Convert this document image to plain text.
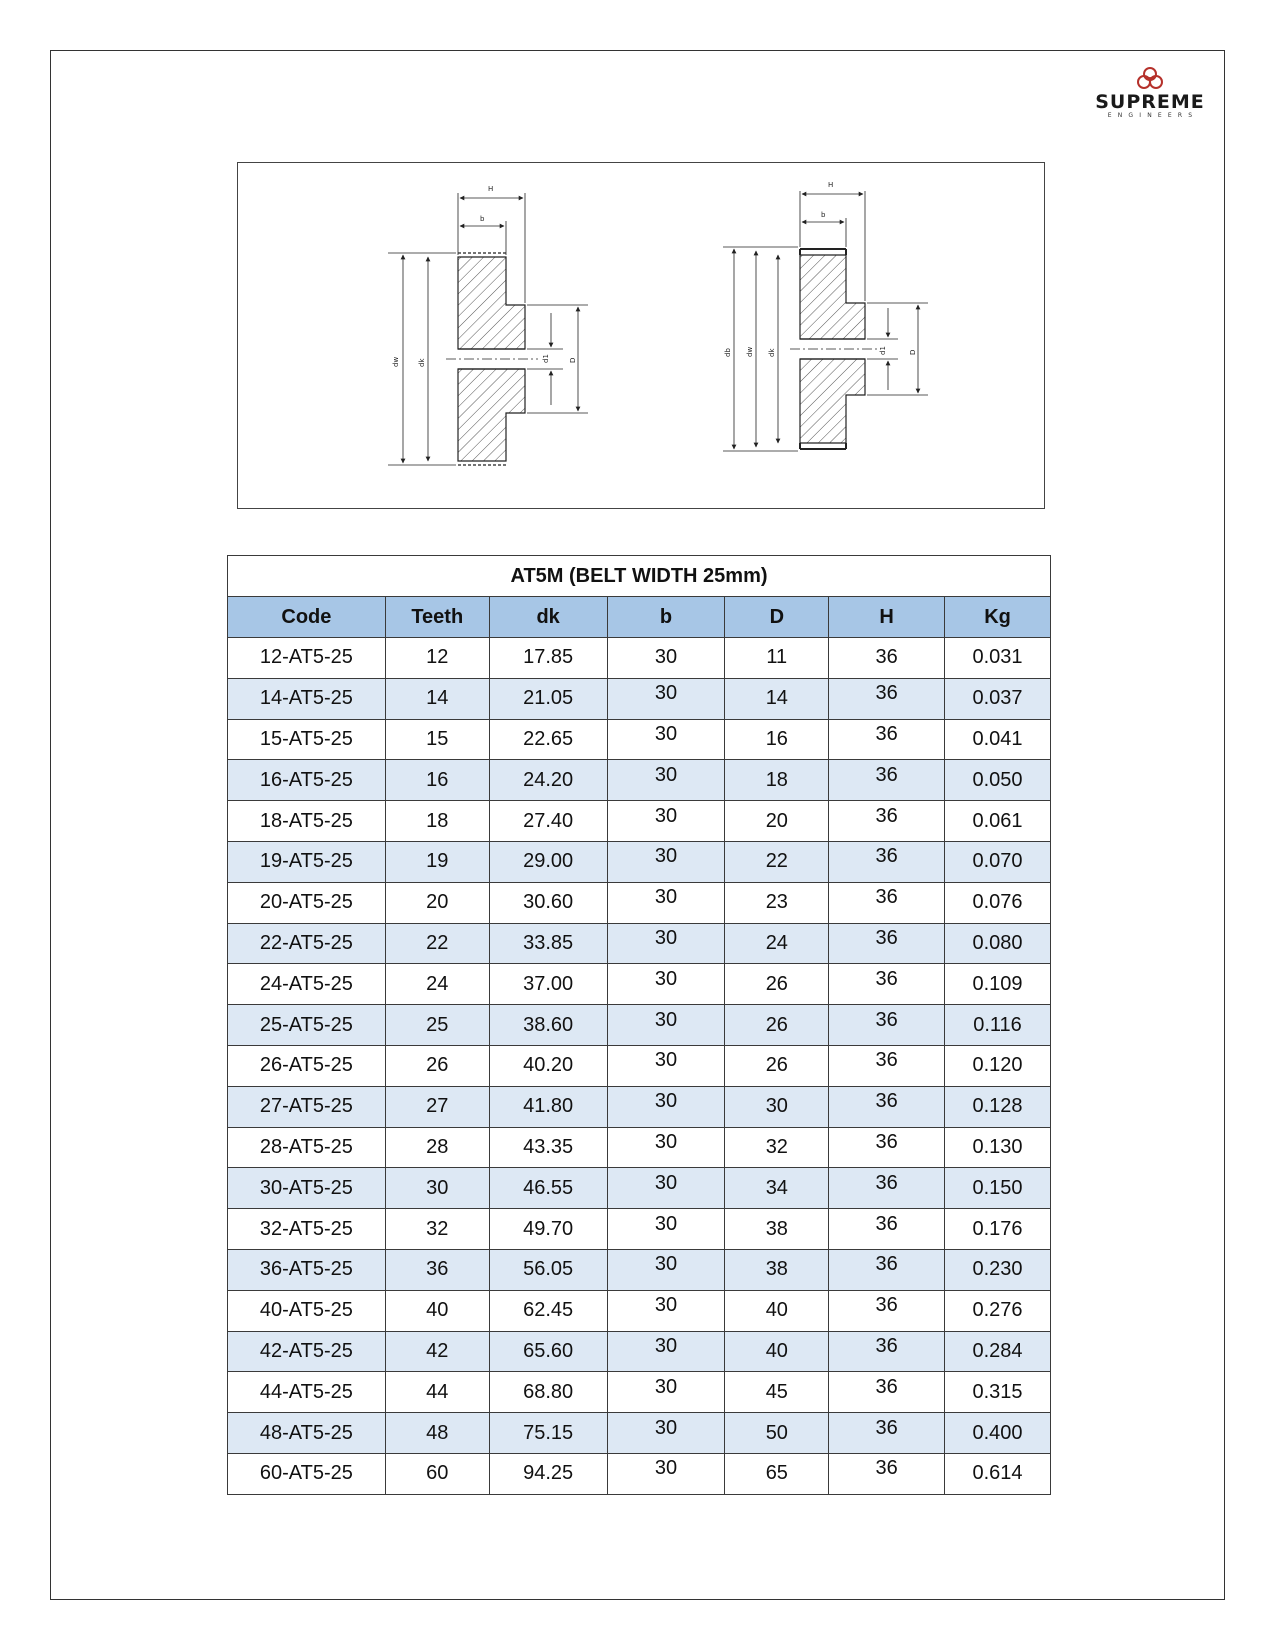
SUPREME
ENGINEERS
H
b
dw	dk	d1	D
H
b
db dw dk	d1	D
AT5M (BELT WIDTH 25mm)						
Code	Teeth	dk	b	D	H	Kg
12-AT5-25	12	17.85	30	11	36	0.031
14-AT5-25	14	21.05	30	14	36	0.037
15-AT5-25	15	22.65	30	16	36	0.041
16-AT5-25	16	24.20	30	18	36	0.050
18-AT5-25	18	27.40	30	20	36	0.061
19-AT5-25	19	29.00	30	22	36	0.070
20-AT5-25	20	30.60	30	23	36	0.076
22-AT5-25	22	33.85	30	24	36	0.080
24-AT5-25	24	37.00	30	26	36	0.109
25-AT5-25	25	38.60	30	26	36	0.116
26-AT5-25	26	40.20	30	26	36	0.120
27-AT5-25	27	41.80	30	30	36	0.128
28-AT5-25	28	43.35	30	32	36	0.130
30-AT5-25	30	46.55	30	34	36	0.150
32-AT5-25	32	49.70	30	38	36	0.176
36-AT5-25	36	56.05	30	38	36	0.230
40-AT5-25	40	62.45	30	40	36	0.276
42-AT5-25	42	65.60	30	40	36	0.284
44-AT5-25	44	68.80	30	45	36	0.315
48-AT5-25	48	75.15	30	50	36	0.400
60-AT5-25	60	94.25	30	65	36	0.614
